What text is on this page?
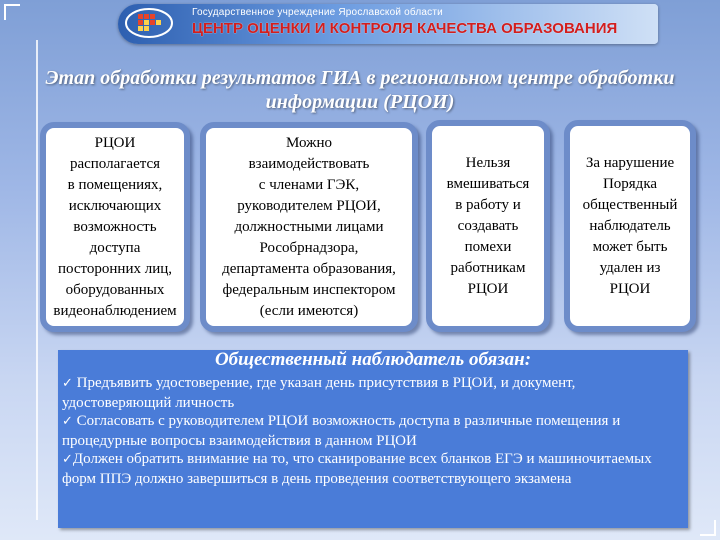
Государственное учреждение Ярославской области
ЦЕНТР ОЦЕНКИ И КОНТРОЛЯ КАЧЕСТВА ОБРАЗОВАНИЯ
Этап обработки результатов ГИА в региональном центре обработки информации (РЦОИ)
РЦОИ
располагается
в помещениях,
исключающих
возможность
доступа
посторонних лиц,
оборудованных
видеонаблюдением
Можно
взаимодействовать
с членами ГЭК,
руководителем РЦОИ,
должностными лицами
Рособрнадзора,
департамента образования,
федеральным инспектором
(если имеются)
Нельзя
вмешиваться
в работу и
создавать
помехи
работникам
РЦОИ
За нарушение
Порядка
общественный
наблюдатель
может быть
удален из
РЦОИ
Общественный наблюдатель обязан:
✓ Предъявить удостоверение, где указан день присутствия в РЦОИ, и документ, удостоверяющий личность
✓ Согласовать с руководителем РЦОИ возможность доступа в различные помещения и процедурные вопросы взаимодействия в данном РЦОИ
✓Должен обратить внимание на то, что сканирование всех бланков ЕГЭ и машиночитаемых форм ППЭ должно завершиться в день проведения соответствующего экзамена
